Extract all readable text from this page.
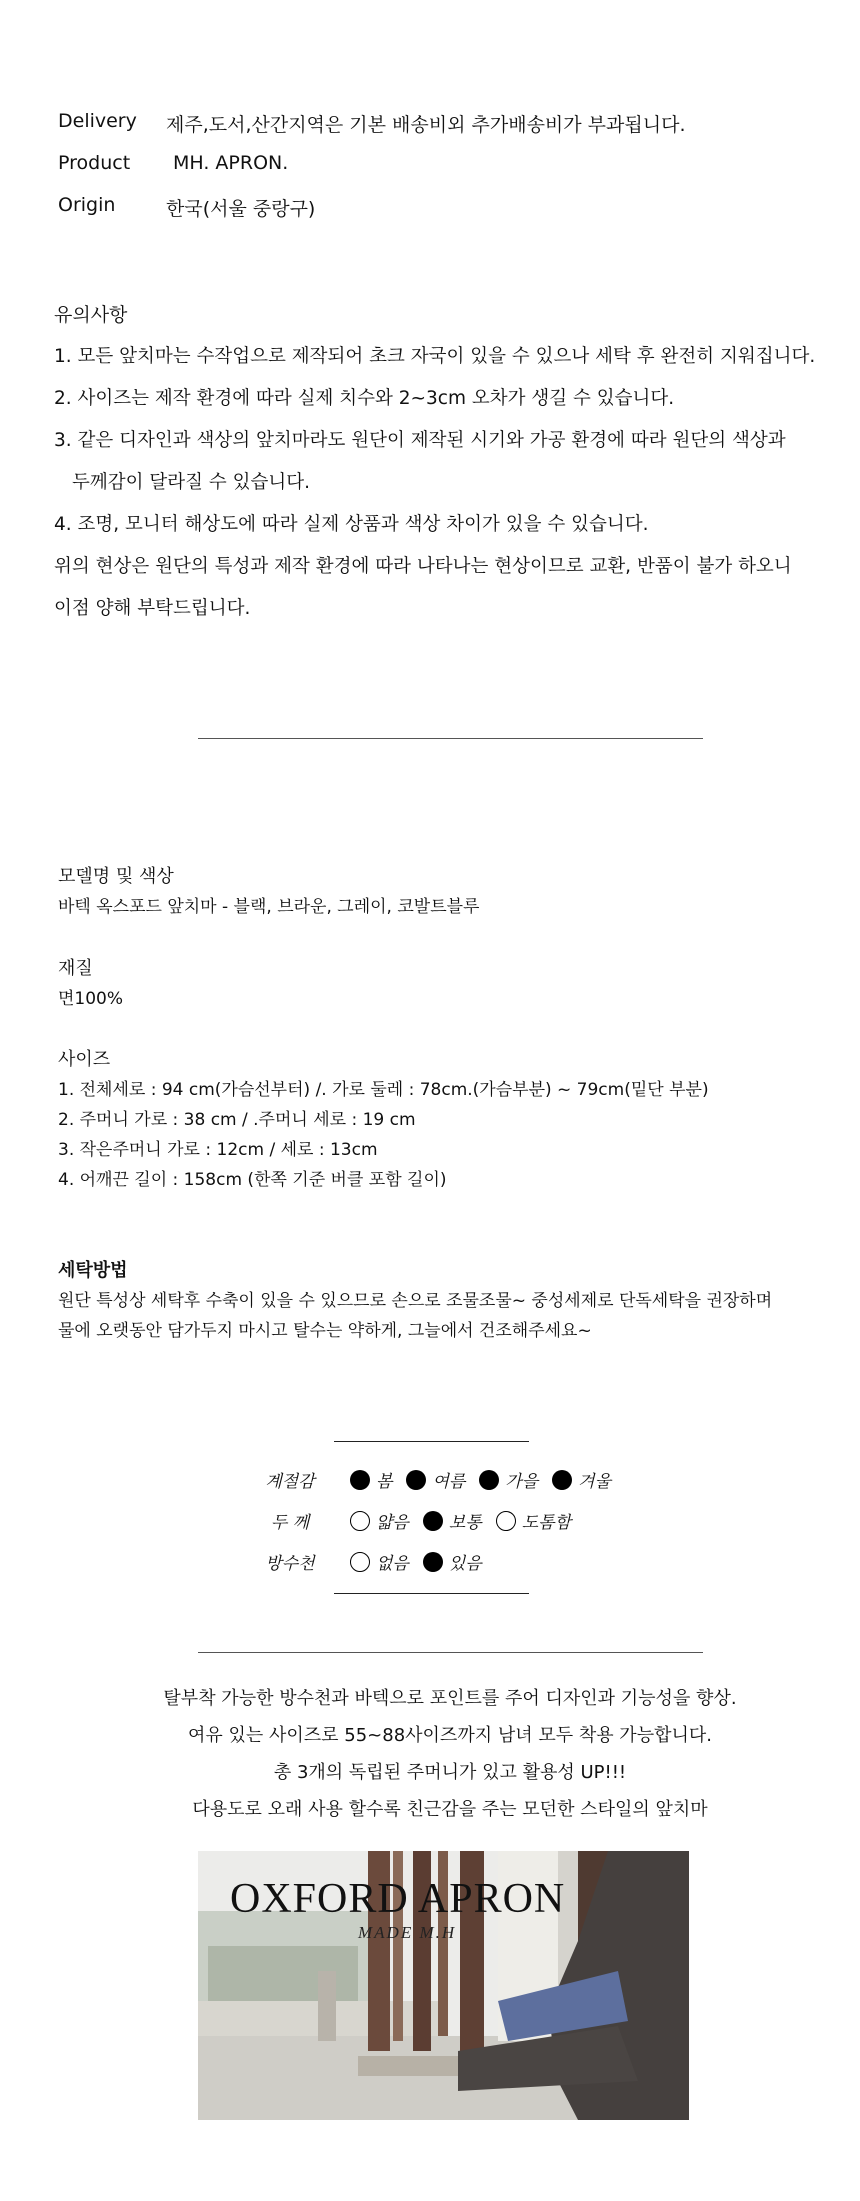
Delivery	제주,도서,산간지역은 기본 배송비외 추가배송비가 부과됩니다.
Product	MH. APRON.
Origin	한국(서울 중랑구)
유의사항
1. 모든 앞치마는 수작업으로 제작되어 초크 자국이 있을 수 있으나 세탁 후 완전히 지워집니다.
2. 사이즈는 제작 환경에 따라 실제 치수와 2~3cm 오차가 생길 수 있습니다.
3. 같은 디자인과 색상의 앞치마라도 원단이 제작된 시기와 가공 환경에 따라 원단의 색상과
두께감이 달라질 수 있습니다.
4. 조명, 모니터 해상도에 따라 실제 상품과 색상 차이가 있을 수 있습니다.
위의 현상은 원단의 특성과 제작 환경에 따라 나타나는 현상이므로 교환, 반품이 불가 하오니
이점 양해 부탁드립니다.
모델명 및 색상
바텍 옥스포드 앞치마 - 블랙, 브라운, 그레이, 코발트블루
재질
면100%
사이즈
1. 전체세로 : 94 cm(가슴선부터) /. 가로 둘레 : 78cm.(가슴부분) ~ 79cm(밑단 부분)
2. 주머니 가로 : 38 cm / .주머니 세로 : 19 cm
3. 작은주머니 가로 : 12cm / 세로 : 13cm
4. 어깨끈 길이 : 158cm (한쪽 기준 버클 포함 길이)
세탁방법
원단 특성상 세탁후 수축이 있을 수 있으므로 손으로 조물조물~ 중성세제로 단독세탁을 권장하며
물에 오랫동안 담가두지 마시고 탈수는 약하게, 그늘에서 건조해주세요~
계절감	봄 여름 가을 겨울
두 께	얇음 보통 도톰함
방수천	없음 있음
탈부착 가능한 방수천과 바텍으로 포인트를 주어 디자인과 기능성을 향상.
여유 있는 사이즈로 55~88사이즈까지 남녀 모두 착용 가능합니다.
총 3개의 독립된 주머니가 있고 활용성 UP!!!
다용도로 오래 사용 할수록 친근감을 주는 모던한 스타일의 앞치마
OXFORD APRON
MADE M.H
